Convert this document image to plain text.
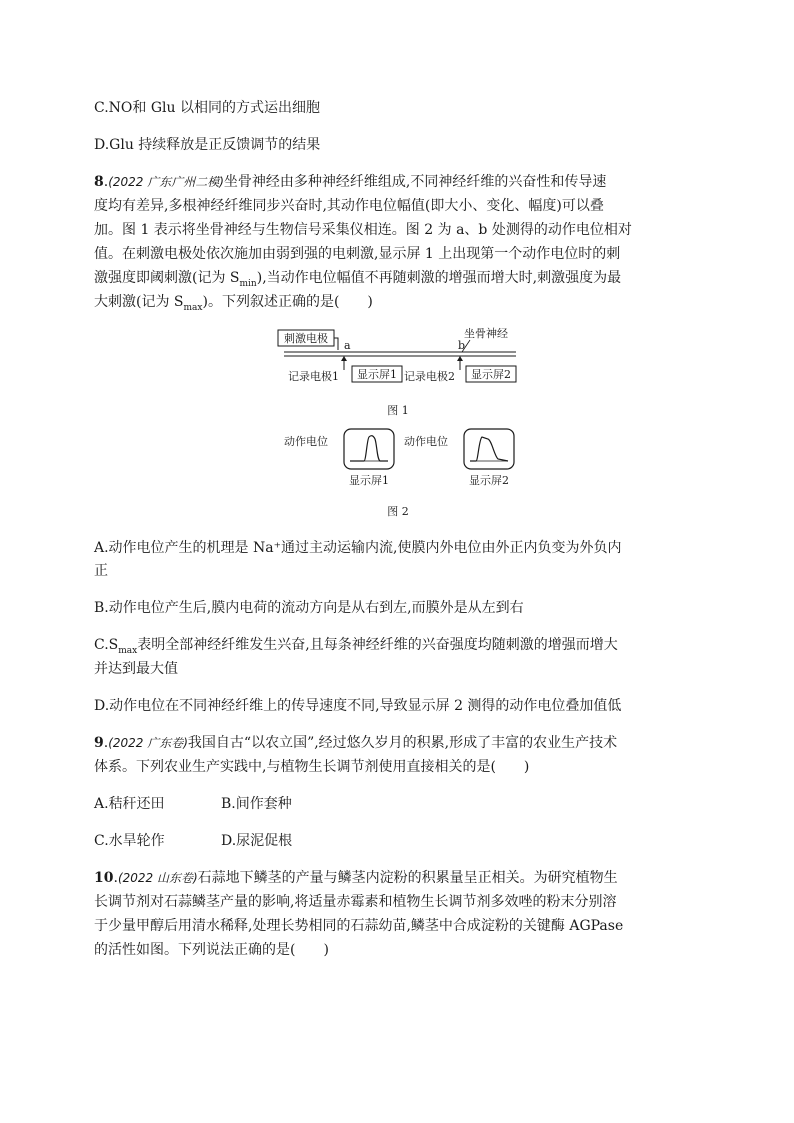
C.NO和 Glu 以相同的方式运出细胞
D.Glu 持续释放是正反馈调节的结果
8.(2022 广东广州二模)坐骨神经由多种神经纤维组成,不同神经纤维的兴奋性和传导速
度均有差异,多根神经纤维同步兴奋时,其动作电位幅值(即大小、变化、幅度)可以叠
加。图 1 表示将坐骨神经与生物信号采集仪相连。图 2 为 a、b 处测得的动作电位相对
值。在刺激电极处依次施加由弱到强的电刺激,显示屏 1 上出现第一个动作电位时的刺
激强度即阈刺激(记为 $S_{min}$),当动作电位幅值不再随刺激的增强而增大时,刺激强度为最
大刺激(记为 $S_{max}$)。下列叙述正确的是(　　)
刺激电极
a	b
坐骨神经
记录电极1 显示屏1 记录电极2 显示屏2
图 1
动作电位	动作电位
显示屏1	显示屏2
图 2
A.动作电位产生的机理是 Na⁺通过主动运输内流,使膜内外电位由外正内负变为外负内
正
B.动作电位产生后,膜内电荷的流动方向是从右到左,而膜外是从左到右
$C.S_{max}$表明全部神经纤维发生兴奋,且每条神经纤维的兴奋强度均随刺激的增强而增大
并达到最大值
D.动作电位在不同神经纤维上的传导速度不同,导致显示屏 2 测得的动作电位叠加值低
9.(2022 广东卷)我国自古“以农立国”,经过悠久岁月的积累,形成了丰富的农业生产技术
体系。下列农业生产实践中,与植物生长调节剂使用直接相关的是(　　)
A.秸秆还田	B.间作套种
C.水旱轮作	D.尿泥促根
10.(2022 山东卷)石蒜地下鳞茎的产量与鳞茎内淀粉的积累量呈正相关。为研究植物生
长调节剂对石蒜鳞茎产量的影响,将适量赤霉素和植物生长调节剂多效唑的粉末分别溶
于少量甲醇后用清水稀释,处理长势相同的石蒜幼苗,鳞茎中合成淀粉的关键酶 AGPase
的活性如图。下列说法正确的是(　　)
